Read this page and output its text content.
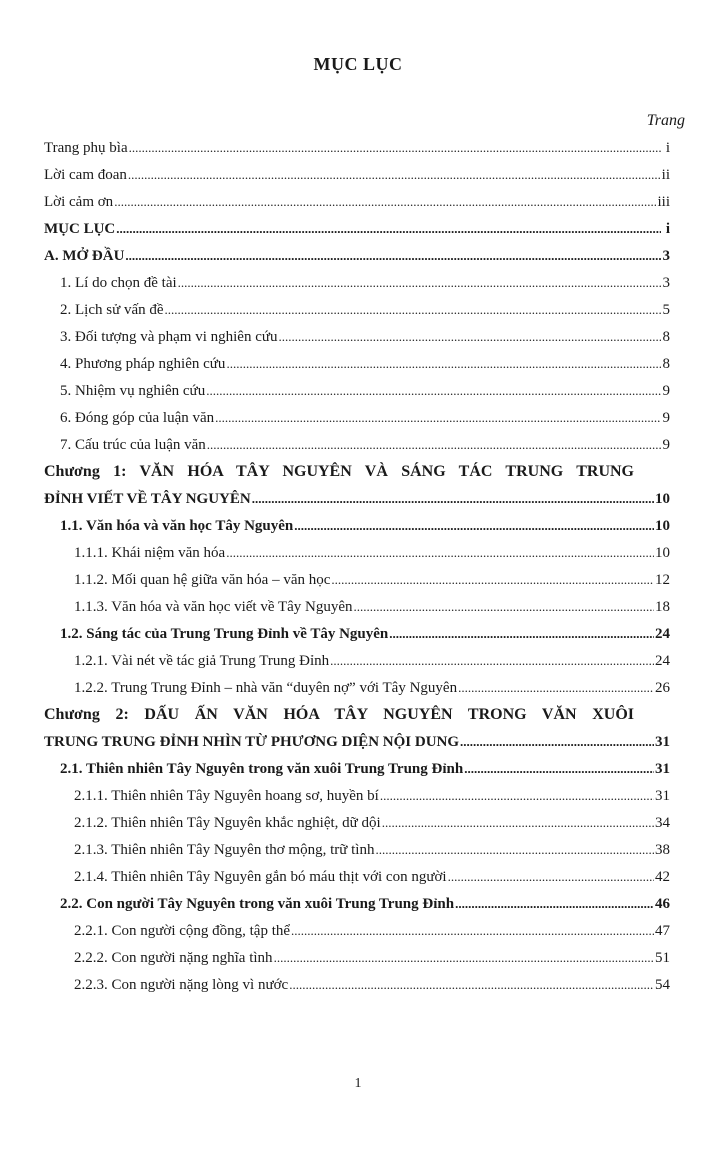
MỤC LỤC
Trang
Trang phụ bìa .....	i
Lời cam đoan .....	ii
Lời cảm ơn .....	iii
MỤC LỤC .....	i
A. MỞ ĐẦU .....	3
1. Lí do chọn đề tài .....	3
2. Lịch sử vấn đề .....	5
3. Đối tượng và phạm vi nghiên cứu .....	8
4. Phương pháp nghiên cứu .....	8
5. Nhiệm vụ nghiên cứu .....	9
6. Đóng góp của luận văn .....	9
7. Cấu trúc của luận văn .....	9
Chương 1: VĂN HÓA TÂY NGUYÊN VÀ SÁNG TÁC TRUNG TRUNG
ĐỈNH VIẾT VỀ TÂY NGUYÊN .....	10
1.1. Văn hóa và văn học Tây Nguyên .....	10
1.1.1. Khái niệm văn hóa .....	10
1.1.2. Mối quan hệ giữa văn hóa – văn học .....	12
1.1.3. Văn hóa và văn học viết về Tây Nguyên .....	18
1.2. Sáng tác của Trung Trung Đỉnh về Tây Nguyên .....	24
1.2.1. Vài nét về tác giả Trung Trung Đỉnh .....	24
1.2.2. Trung Trung Đỉnh – nhà văn “duyên nợ” với Tây Nguyên .....	26
Chương 2: DẤU ẤN VĂN HÓA TÂY NGUYÊN TRONG VĂN XUÔI
TRUNG TRUNG ĐỈNH NHÌN TỪ PHƯƠNG DIỆN NỘI DUNG .....	31
2.1. Thiên nhiên Tây Nguyên trong văn xuôi Trung Trung Đỉnh .....	31
2.1.1. Thiên nhiên Tây Nguyên hoang sơ, huyền bí .....	31
2.1.2. Thiên nhiên Tây Nguyên khắc nghiệt, dữ dội .....	34
2.1.3. Thiên nhiên Tây Nguyên thơ mộng, trữ tình .....	38
2.1.4. Thiên nhiên Tây Nguyên gắn bó máu thịt với con người .....	42
2.2. Con người Tây Nguyên trong văn xuôi Trung Trung Đỉnh .....	46
2.2.1. Con người cộng đồng, tập thể .....	47
2.2.2. Con người nặng nghĩa tình .....	51
2.2.3. Con người nặng lòng vì nước .....	54
1
